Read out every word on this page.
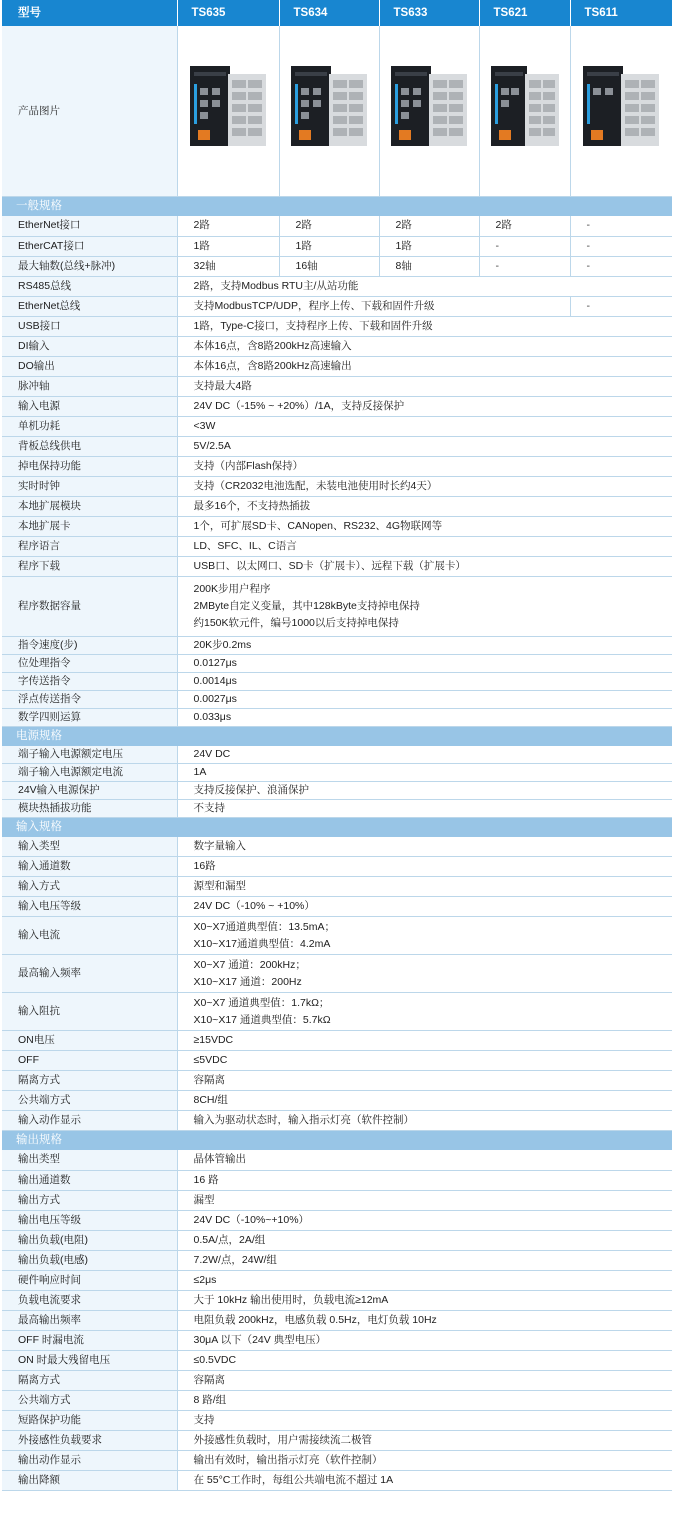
型号	TS635	TS634	TS633	TS621	TS611
产品图片					
一般规格					
EtherNet接口	2路	2路	2路	2路	-
EtherCAT接口	1路	1路	1路	-	-
最大轴数(总线+脉冲)	32轴	16轴	8轴	-	-
RS485总线	2路，支持Modbus RTU主/从站功能				
EtherNet总线	支持ModbusTCP/UDP，程序上传、下载和固件升级				-
USB接口	1路，Type-C接口，支持程序上传、下载和固件升级				
DI输入	本体16点，含8路200kHz高速输入				
DO输出	本体16点，含8路200kHz高速输出				
脉冲轴	支持最大4路				
输入电源	24V DC（-15% ~ +20%）/1A，支持反接保护				
单机功耗	<3W				
背板总线供电	5V/2.5A				
掉电保持功能	支持（内部Flash保持）				
实时时钟	支持（CR2032电池选配，未装电池使用时长约4天）				
本地扩展模块	最多16个，不支持热插拔				
本地扩展卡	1个，可扩展SD卡、CANopen、RS232、4G物联网等				
程序语言	LD、SFC、IL、C语言				
程序下载	USB口、以太网口、SD卡（扩展卡）、远程下载（扩展卡）				
程序数据容量	200K步用户程序
2MByte自定义变量，其中128kByte支持掉电保持
约150K软元件，编号1000以后支持掉电保持				

指令速度(步)	20K步0.2ms				
位处理指令	0.0127μs				
字传送指令	0.0014μs				
浮点传送指令	0.0027μs				
数学四则运算	0.033μs				
电源规格					
端子输入电源额定电压	24V DC				
端子输入电源额定电流	1A				
24V输入电源保护	支持反接保护、浪涌保护				
模块热插拔功能	不支持				
输入规格					
输入类型	数字量输入				
输入通道数	16路				
输入方式	源型和漏型				
输入电压等级	24V DC（-10% ~ +10%）				
输入电流	X0~X7通道典型值：13.5mA；
X10~X17通道典型值：4.2mA				

最高输入频率	X0~X7 通道：200kHz；
X10~X17 通道：200Hz				

输入阻抗	X0~X7 通道典型值：1.7kΩ；
X10~X17 通道典型值：5.7kΩ				

ON电压	≥15VDC				
OFF	≤5VDC				
隔离方式	容隔离				
公共端方式	8CH/组				
输入动作显示	输入为驱动状态时，输入指示灯亮（软件控制）				
输出规格					
输出类型	晶体管输出				
输出通道数	16 路				
输出方式	漏型				
输出电压等级	24V DC（-10%~+10%）				
输出负载(电阻)	0.5A/点，2A/组				
输出负载(电感)	7.2W/点，24W/组				
硬件响应时间	≤2μs				
负载电流要求	大于 10kHz 输出使用时，负载电流≥12mA				
最高输出频率	电阻负载 200kHz，电感负载 0.5Hz，电灯负载 10Hz				
OFF 时漏电流	30μA 以下（24V 典型电压）				
ON 时最大残留电压	≤0.5VDC				
隔离方式	容隔离				
公共端方式	8 路/组				
短路保护功能	支持				
外接感性负载要求	外接感性负载时，用户需接续流二极管				
输出动作显示	输出有效时，输出指示灯亮（软件控制）				
输出降额	在 55°C工作时，每组公共端电流不超过 1A				
